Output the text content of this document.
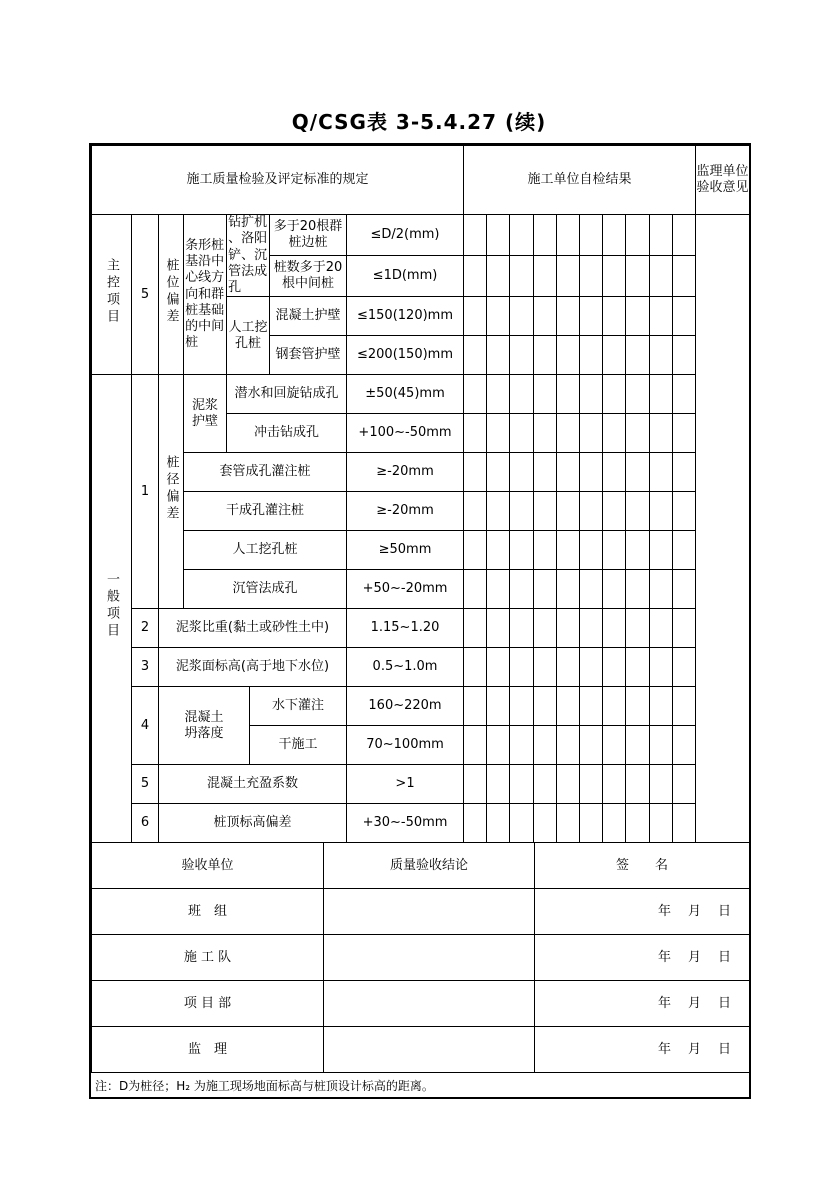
Q/CSG表 3-5.4.27 (续)
施工质量检验及评定标准的规定								施工单位自检结果										监理单位验收意见
主控项目	5	桩位偏差	条形桩基沿中心线方向和群桩基础的中间桩	钻扩机、洛阳铲、沉管法成孔		多于20根群桩边桩	≤D/2(mm)											
						桩数多于20根中间桩	≤1D(mm)											
				人工挖孔桩		混凝土护壁	≤150(120)mm											
						钢套管护壁	≤200(150)mm											
一般项目	1	桩径偏差	泥浆护壁	潜水和回旋钻成孔			±50(45)mm											
				冲击钻成孔			+100~-50mm											
			套管成孔灌注桩				≥-20mm											
			干成孔灌注桩				≥-20mm											
			人工挖孔桩				≥50mm											
			沉管法成孔				+50~-20mm											
	2	泥浆比重(黏土或砂性土中)					1.15~1.20											
	3	泥浆面标高(高于地下水位)					0.5~1.0m											
	4	混凝土坍落度			水下灌注		160~220m											
					干施工		70~100mm											
	5	混凝土充盈系数					>1											
	6	桩顶标高偏差					+30~-50mm											
验收单位	质量验收结论	签　　名
班　组		年　月　日
施 工 队		年　月　日
项 目 部		年　月　日
监　理		年　月　日
注：D为桩径；H₂ 为施工现场地面标高与桩顶设计标高的距离。
